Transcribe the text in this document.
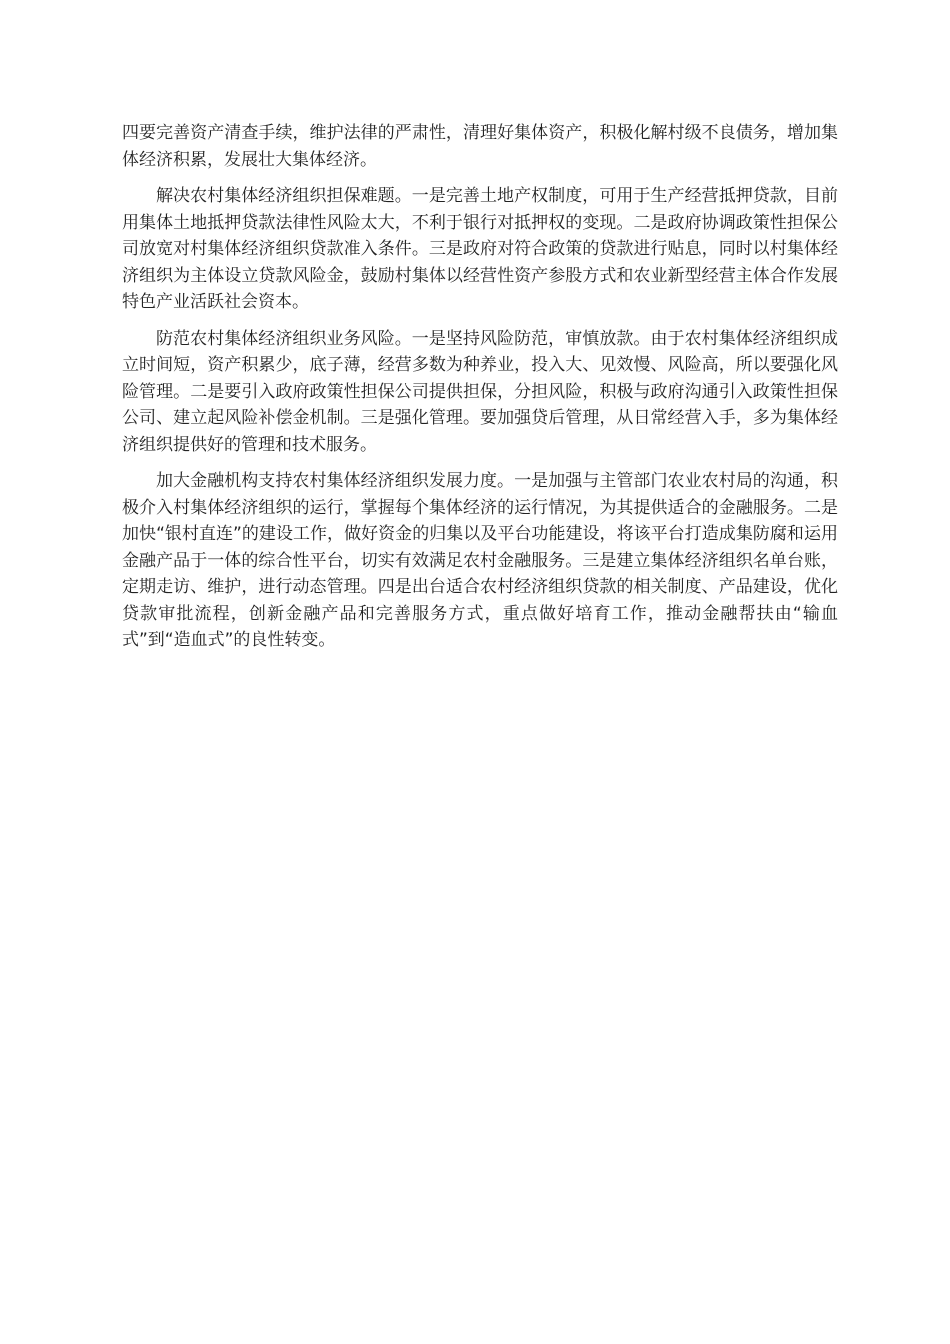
四要完善资产清查手续，维护法律的严肃性，清理好集体资产，积极化解村级不良债务，增加集体经济积累，发展壮大集体经济。

解决农村集体经济组织担保难题。一是完善土地产权制度，可用于生产经营抵押贷款，目前用集体土地抵押贷款法律性风险太大，不利于银行对抵押权的变现。二是政府协调政策性担保公司放宽对村集体经济组织贷款准入条件。三是政府对符合政策的贷款进行贴息，同时以村集体经济组织为主体设立贷款风险金，鼓励村集体以经营性资产参股方式和农业新型经营主体合作发展特色产业活跃社会资本。

防范农村集体经济组织业务风险。一是坚持风险防范，审慎放款。由于农村集体经济组织成立时间短，资产积累少，底子薄，经营多数为种养业，投入大、见效慢、风险高，所以要强化风险管理。二是要引入政府政策性担保公司提供担保，分担风险，积极与政府沟通引入政策性担保公司、建立起风险补偿金机制。三是强化管理。要加强贷后管理，从日常经营入手，多为集体经济组织提供好的管理和技术服务。

加大金融机构支持农村集体经济组织发展力度。一是加强与主管部门农业农村局的沟通，积极介入村集体经济组织的运行，掌握每个集体经济的运行情况，为其提供适合的金融服务。二是加快“银村直连”的建设工作，做好资金的归集以及平台功能建设，将该平台打造成集防腐和运用金融产品于一体的综合性平台，切实有效满足农村金融服务。三是建立集体经济组织名单台账，定期走访、维护，进行动态管理。四是出台适合农村经济组织贷款的相关制度、产品建设，优化贷款审批流程，创新金融产品和完善服务方式，重点做好培育工作，推动金融帮扶由“输血式”到“造血式”的良性转变。
